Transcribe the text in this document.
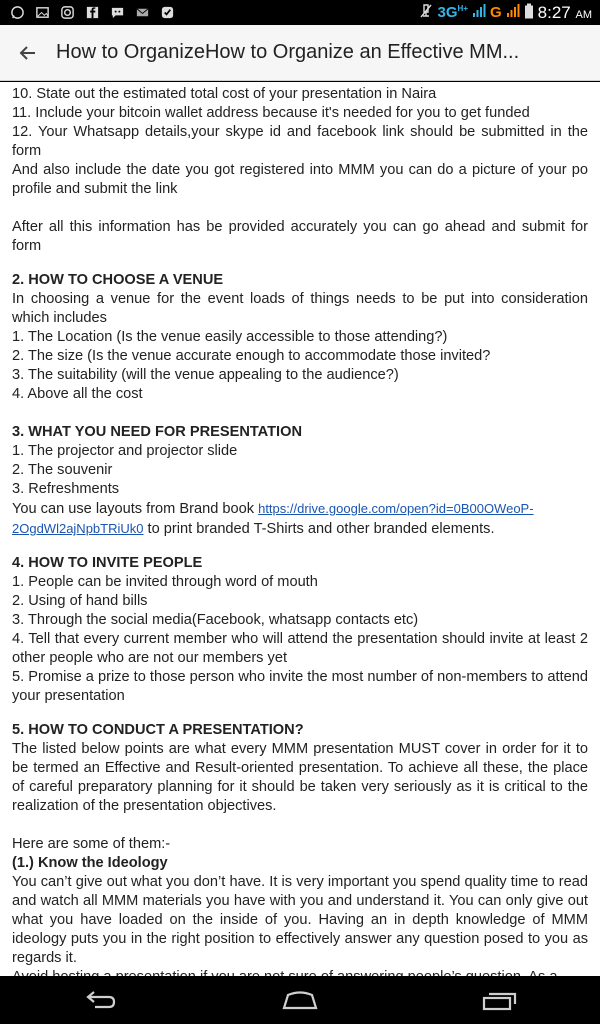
$3G^{H+}$ G 8:27 AM
How to OrganizeHow to Organize an Effective MM...

10. State out the estimated total cost of your presentation in Naira

11. Include your bitcoin wallet address because it's needed for you to get funded

12. Your Whatsapp details,your skype id and facebook link should be submitted in the form

And also include the date you got registered into MMM you can do a picture of your po profile and submit the link

After all this information has be provided accurately you can go ahead and submit for form

2. HOW TO CHOOSE A VENUE

In choosing a venue for the event loads of things needs to be put into consideration which includes

1. The Location (Is the venue easily accessible to those attending?)

2. The size (Is the venue accurate enough to accommodate those invited?

3. The suitability (will the venue appealing to the audience?)

4. Above all the cost

3. WHAT YOU NEED FOR PRESENTATION

1. The projector and projector slide

2. The souvenir

3. Refreshments

You can use layouts from Brand book https://drive.google.com/open?id=0B00OWeoP-2OgdWl2ajNpbTRiUk0 to print branded T-Shirts and other branded elements.

4. HOW TO INVITE PEOPLE

1. People can be invited through word of mouth

2. Using of hand bills

3. Through the social media(Facebook, whatsapp contacts etc)

4. Tell that every current member who will attend the presentation should invite at least 2 other people who are not our members yet

5. Promise a prize to those person who invite the most number of non-members to attend your presentation

5. HOW TO CONDUCT A PRESENTATION?

The listed below points are what every MMM presentation MUST cover in order for it to be termed an Effective and Result-oriented presentation. To achieve all these, the place of careful preparatory planning for it should be taken very seriously as it is critical to the realization of the presentation objectives.

Here are some of them:-

(1.) Know the Ideology

You can’t give out what you don’t have. It is very important you spend quality time to read and watch all MMM materials you have with you and understand it. You can only give out what you have loaded on the inside of you. Having an in depth knowledge of MMM ideology puts you in the right position to effectively answer any question posed to you as regards it.
